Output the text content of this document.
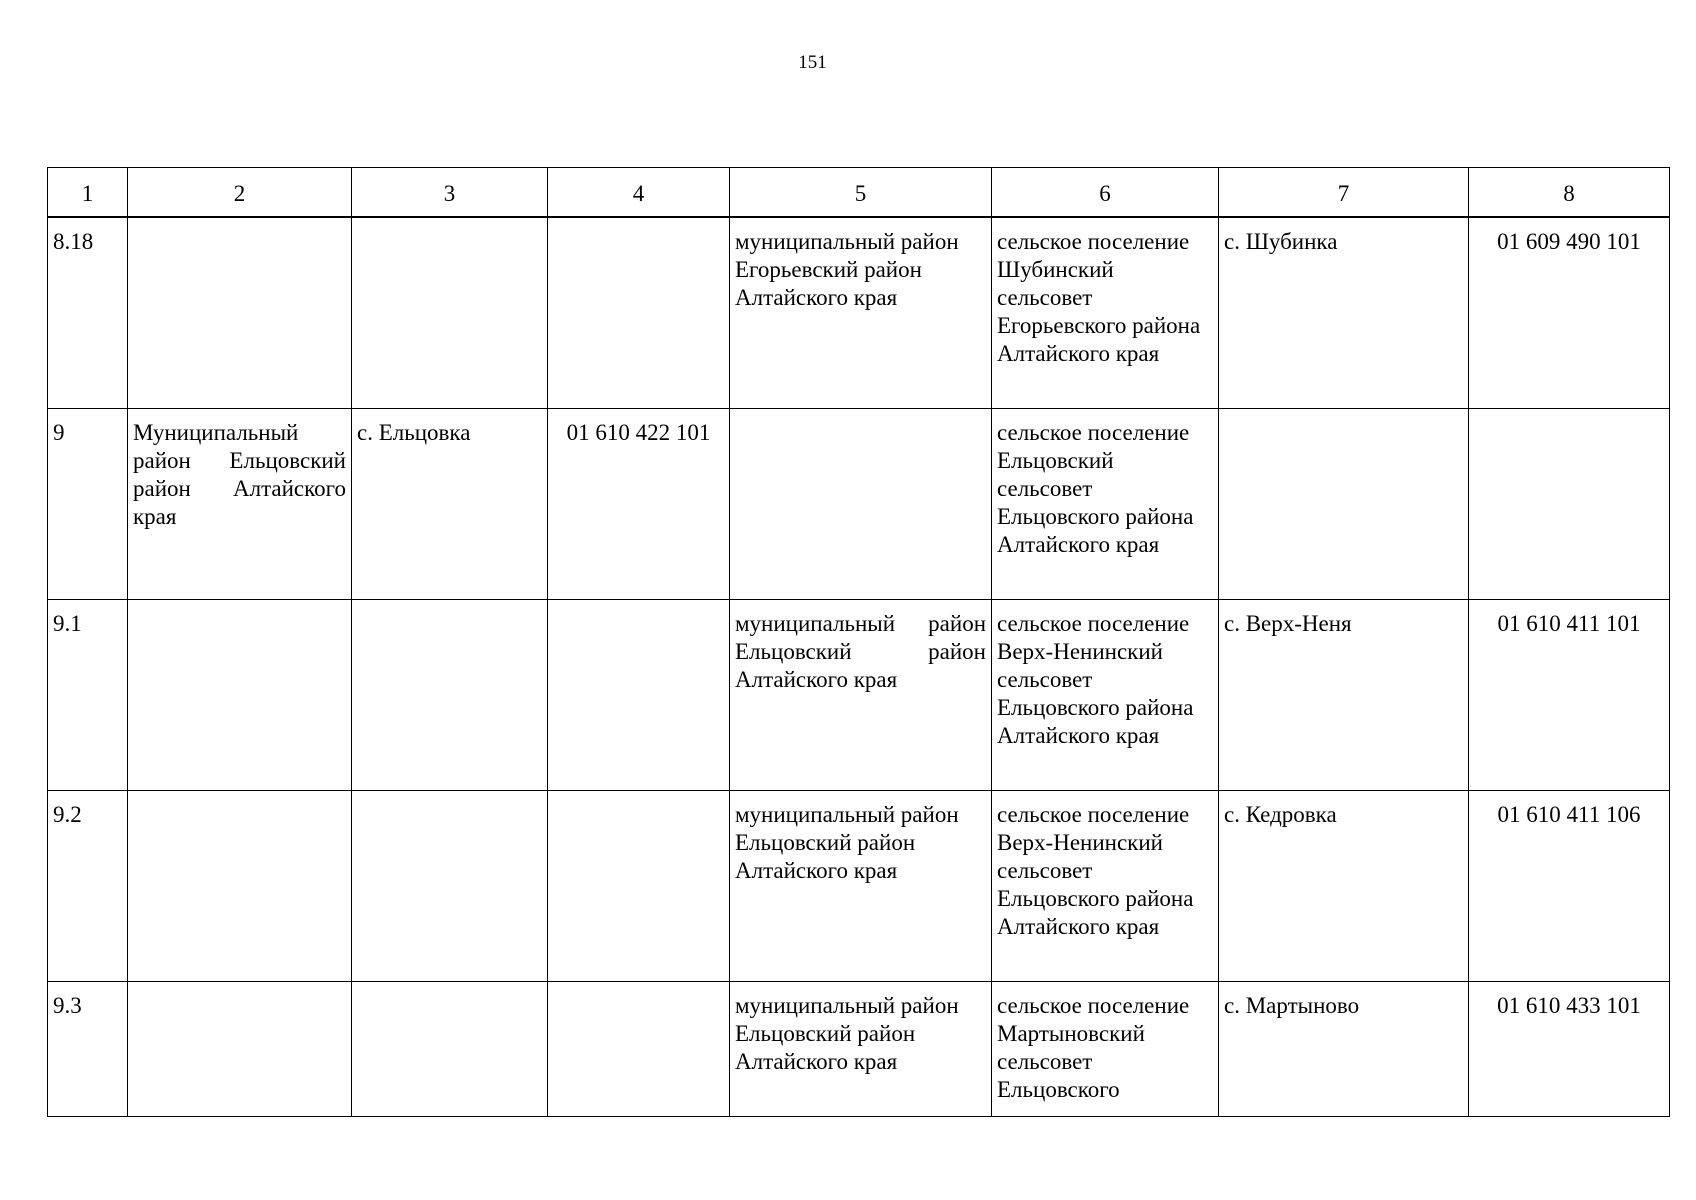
151
1	2	3	4	5	6	7	8
8.18				муниципальный район Егорьевский район Алтайского края	сельское поселение Шубинский сельсовет Егорьевского района Алтайского края	с. Шубинка	01 609 490 101
9	Муниципальный район Ельцовский район Алтайского края	с. Ельцовка	01 610 422 101		сельское поселение Ельцовский сельсовет Ельцовского района Алтайского края		
9.1				муниципальный район Ельцовский район Алтайского края	сельское поселение Верх-Ненинский сельсовет Ельцовского района Алтайского края	с. Верх-Неня	01 610 411 101
9.2				муниципальный район Ельцовский район Алтайского края	сельское поселение Верх-Ненинский сельсовет Ельцовского района Алтайского края	с. Кедровка	01 610 411 106
9.3				муниципальный район Ельцовский район Алтайского края	сельское поселение Мартыновский сельсовет Ельцовского	с. Мартыново	01 610 433 101
